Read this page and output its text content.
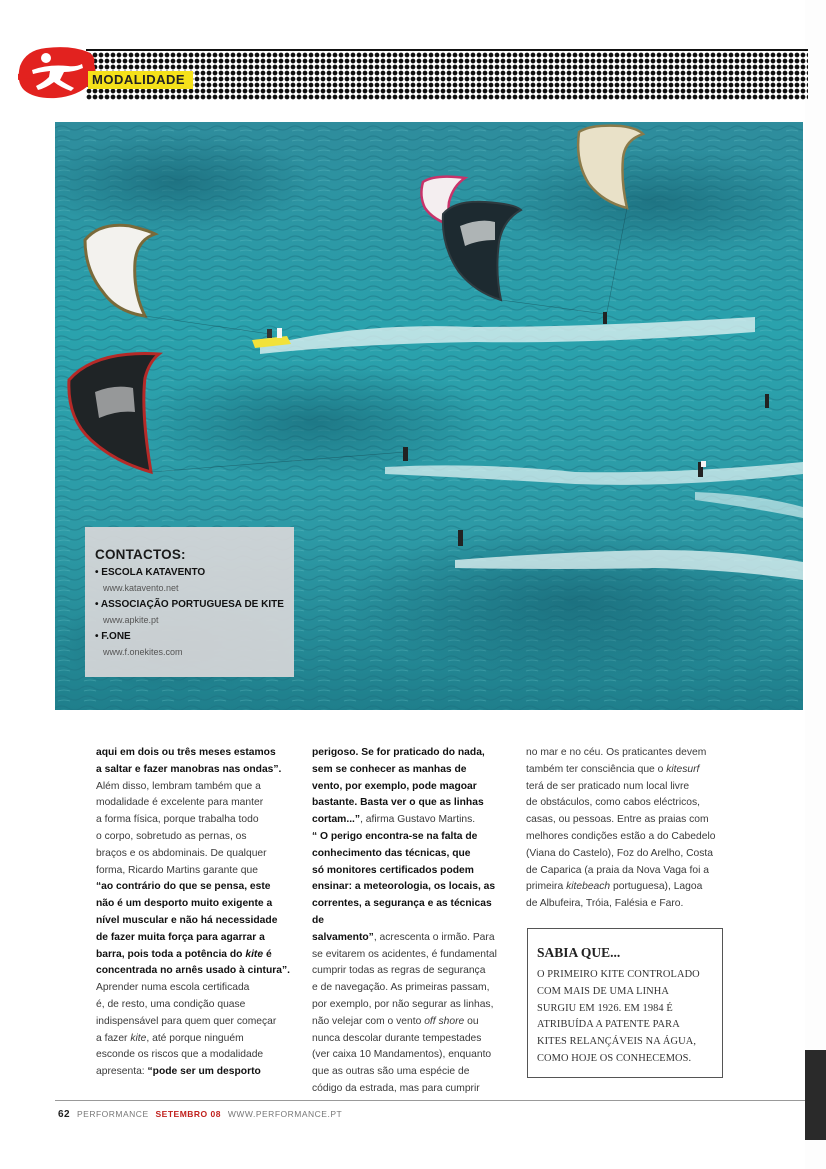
MODALIDADE
CONTACTOS:
• ESCOLA KATAVENTO
www.katavento.net
• ASSOCIAÇÃO PORTUGUESA DE KITE
www.apkite.pt
• F.ONE
www.f.onekites.com

aqui em dois ou três meses estamos

a saltar e fazer manobras nas ondas”.

Além disso, lembram também que a

modalidade é excelente para manter

a forma física, porque trabalha todo

o corpo, sobretudo as pernas, os

braços e os abdominais. De qualquer

forma, Ricardo Martins garante que

“ao contrário do que se pensa, este

não é um desporto muito exigente a

nível muscular e não há necessidade

de fazer muita força para agarrar a

barra, pois toda a potência do kite é

concentrada no arnês usado à cintura”.

Aprender numa escola certificada

é, de resto, uma condição quase

indispensável para quem quer começar

a fazer kite, até porque ninguém

esconde os riscos que a modalidade

apresenta: “pode ser um desporto

perigoso. Se for praticado do nada,

sem se conhecer as manhas de

vento, por exemplo, pode magoar

bastante. Basta ver o que as linhas

cortam...”, afirma Gustavo Martins.

“ O perigo encontra-se na falta de

conhecimento das técnicas, que

só monitores certificados podem

ensinar: a meteorologia, os locais, as

correntes, a segurança e as técnicas de

salvamento”, acrescenta o irmão. Para

se evitarem os acidentes, é fundamental

cumprir todas as regras de segurança

e de navegação. As primeiras passam,

por exemplo, por não segurar as linhas,

não velejar com o vento off shore ou

nunca descolar durante tempestades

(ver caixa 10 Mandamentos), enquanto

que as outras são uma espécie de

código da estrada, mas para cumprir

no mar e no céu. Os praticantes devem

também ter consciência que o kitesurf

terá de ser praticado num local livre

de obstáculos, como cabos eléctricos,

casas, ou pessoas. Entre as praias com

melhores condições estão a do Cabedelo

(Viana do Castelo), Foz do Arelho, Costa

de Caparica (a praia da Nova Vaga foi a

primeira kitebeach portuguesa), Lagoa

de Albufeira, Tróia, Falésia e Faro.

SABIA QUE...

O PRIMEIRO KITE CONTROLADO

COM MAIS DE UMA LINHA

SURGIU EM 1926. EM 1984 É

ATRIBUÍDA A PATENTE PARA

KITES RELANÇÁVEIS NA ÁGUA,

COMO HOJE OS CONHECEMOS.

62 PERFORMANCE SETEMBRO 08 WWW.PERFORMANCE.PT
